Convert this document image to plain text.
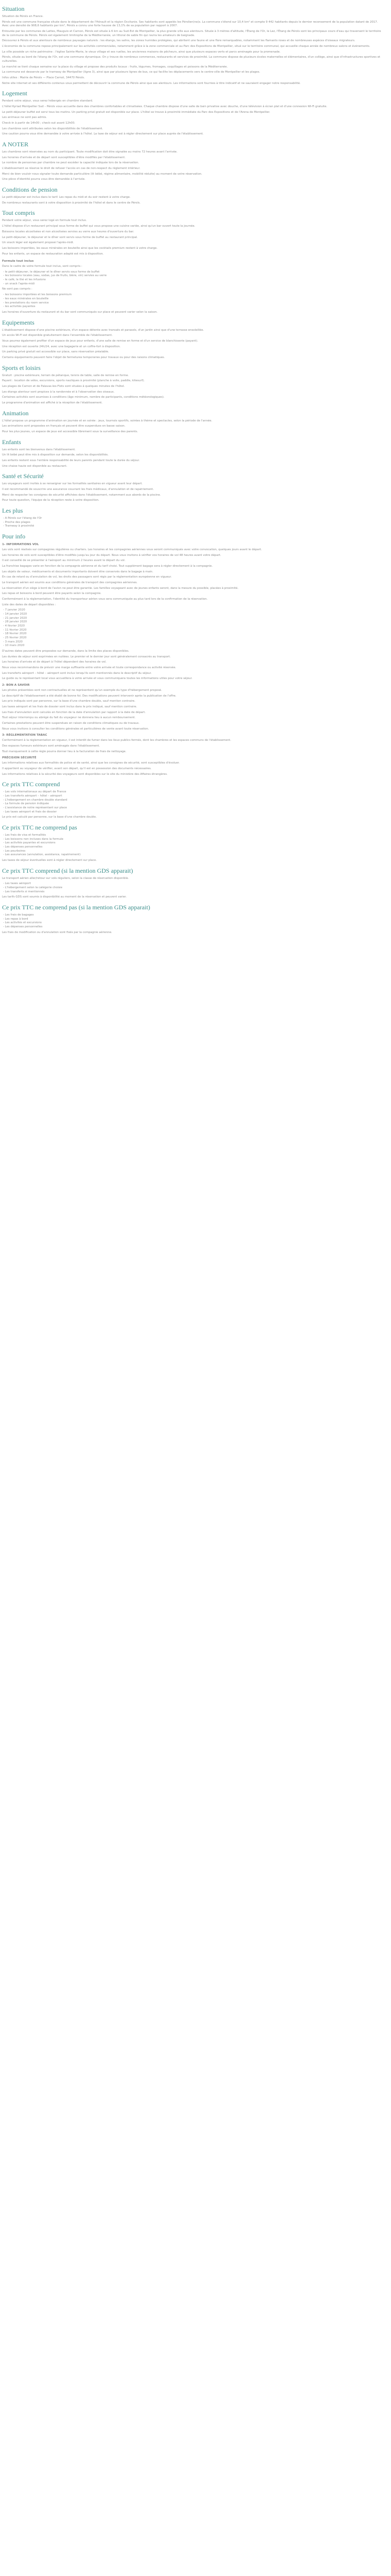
Situation

Situation de Pérols en France.

Pérols est une commune française située dans le département de l'Hérault et la région Occitanie. Ses habitants sont appelés les Pérolien(ne)s. La commune s'étend sur 10,4 km² et compte 9 442 habitants depuis le dernier recensement de la population datant de 2017. Avec une densité de 908,6 habitants par km², Pérols a connu une forte hausse de 13,1% de sa population par rapport à 2007.

Entourée par les communes de Lattes, Mauguio et Carnon, Pérols est située à 6 km au Sud-Est de Montpellier, la plus grande ville aux alentours. Située à 3 mètres d'altitude, l'Étang de l'Or, le Lez, l'Étang de Pérols sont les principaux cours d'eau qui traversent le territoire de la commune de Pérols. Pérols est également limitrophe de la Méditerranée, un littoral de sable fin qui ravira les amateurs de baignade.

Découvrez à Pérols et aux alentours de nombreux paysages naturels : les étangs, les salins, les zones humides protégées, qui abritent une faune et une flore remarquables, notamment les flamants roses et de nombreuses espèces d'oiseaux migrateurs.

L'économie de la commune repose principalement sur les activités commerciales, notamment grâce à la zone commerciale et au Parc des Expositions de Montpellier, situé sur le territoire communal, qui accueille chaque année de nombreux salons et événements.

La ville possède un riche patrimoine : l'église Sainte-Marie, le vieux village et ses ruelles, les anciennes maisons de pêcheurs, ainsi que plusieurs espaces verts et parcs aménagés pour la promenade.

Pérols, située au bord de l'étang de l'Or, est une commune dynamique. On y trouve de nombreux commerces, restaurants et services de proximité. La commune dispose de plusieurs écoles maternelles et élémentaires, d'un collège, ainsi que d'infrastructures sportives et culturelles.

Le marché se tient chaque semaine sur la place du village et propose des produits locaux : fruits, légumes, fromages, coquillages et poissons de la Méditerranée.

La commune est desservie par le tramway de Montpellier (ligne 3), ainsi que par plusieurs lignes de bus, ce qui facilite les déplacements vers le centre-ville de Montpellier et les plages.

Infos utiles : Mairie de Pérols — Place Carnot, 34470 Pérols.

Notre site internet et ses différents contenus vous permettent de découvrir la commune de Pérols ainsi que ses alentours. Les informations sont fournies à titre indicatif et ne sauraient engager notre responsabilité.

Logement

Pendant votre séjour, vous serez hébergés en chambre standard.

L'hôtel Kyriad Montpellier Sud – Pérols vous accueille dans des chambres confortables et climatisées. Chaque chambre dispose d'une salle de bain privative avec douche, d'une télévision à écran plat et d'une connexion Wi-Fi gratuite.

Le petit-déjeuner buffet est servi tous les matins. Un parking privé gratuit est disponible sur place. L'hôtel se trouve à proximité immédiate du Parc des Expositions et de l'Arena de Montpellier.

Les animaux ne sont pas admis.

Check-in à partir de 14h00 ; check-out avant 12h00.

Les chambres sont attribuées selon les disponibilités de l'établissement.

Une caution pourra vous être demandée à votre arrivée à l'hôtel. La taxe de séjour est à régler directement sur place auprès de l'établissement.

A NOTER

Les chambres sont réservées au nom du participant. Toute modification doit être signalée au moins 72 heures avant l'arrivée.

Les horaires d'arrivée et de départ sont susceptibles d'être modifiés par l'établissement.

Le nombre de personnes par chambre ne peut excéder la capacité indiquée lors de la réservation.

L'établissement se réserve le droit de refuser l'accès en cas de non-respect du règlement intérieur.

Merci de bien vouloir nous signaler toute demande particulière (lit bébé, régime alimentaire, mobilité réduite) au moment de votre réservation.

Une pièce d'identité pourra vous être demandée à l'arrivée.

Conditions de pension

Le petit-déjeuner est inclus dans le tarif. Les repas du midi et du soir restent à votre charge.

De nombreux restaurants sont à votre disposition à proximité de l'hôtel et dans le centre de Pérols.

Tout compris

Pendant votre séjour, vous serez logé en formule tout inclus.

L'hôtel dispose d'un restaurant principal sous forme de buffet qui vous propose une cuisine variée, ainsi qu'un bar ouvert toute la journée.

Boissons locales alcoolisées et non alcoolisées servies au verre aux heures d'ouverture du bar.

Le petit-déjeuner, le déjeuner et le dîner sont servis sous forme de buffet au restaurant principal.

Un snack léger est également proposé l'après-midi.

Les boissons importées, les eaux minérales en bouteille ainsi que les cocktails premium restent à votre charge.

Pour les enfants, un espace de restauration adapté est mis à disposition.

Formule tout inclus

Dans le cadre de votre formule tout inclus, sont compris :

- le petit-déjeuner, le déjeuner et le dîner servis sous forme de buffet
- les boissons locales (eau, sodas, jus de fruits, bière, vin) servies au verre
- le café, le thé et les infusions
- un snack l'après-midi

Ne sont pas compris :

- les boissons importées et les boissons premium
- les eaux minérales en bouteille
- les prestations du room service
- les activités payantes

Les horaires d'ouverture du restaurant et du bar sont communiqués sur place et peuvent varier selon la saison.

Equipements

L'établissement dispose d'une piscine extérieure, d'un espace détente avec transats et parasols, d'un jardin ainsi que d'une terrasse ensoleillée.

Un accès Wi-Fi est disponible gratuitement dans l'ensemble de l'établissement.

Vous pourrez également profiter d'un espace de jeux pour enfants, d'une salle de remise en forme et d'un service de blanchisserie (payant).

Une réception est ouverte 24h/24, avec une bagagerie et un coffre-fort à disposition.

Un parking privé gratuit est accessible sur place, sans réservation préalable.

Certains équipements peuvent faire l'objet de fermetures temporaires pour travaux ou pour des raisons climatiques.

Sports et loisirs

Gratuit : piscine extérieure, terrain de pétanque, tennis de table, salle de remise en forme.

Payant : location de vélos, excursions, sports nautiques à proximité (planche à voile, paddle, kitesurf).

Les plages de Carnon et de Palavas-les-Flots sont situées à quelques minutes de l'hôtel.

Les étangs alentour sont propices à la randonnée et à l'observation des oiseaux.

Certaines activités sont soumises à conditions (âge minimum, nombre de participants, conditions météorologiques).

Le programme d'animation est affiché à la réception de l'établissement.

Animation

L'hôtel propose un programme d'animation en journée et en soirée : jeux, tournois sportifs, soirées à thème et spectacles, selon la période de l'année.

Les animations sont proposées en français et peuvent être suspendues en basse saison.

Pour les plus jeunes, un espace de jeux est accessible librement sous la surveillance des parents.

Enfants

Les enfants sont les bienvenus dans l'établissement.

Un lit bébé peut être mis à disposition sur demande, selon les disponibilités.

Les enfants restent sous l'entière responsabilité de leurs parents pendant toute la durée du séjour.

Une chaise haute est disponible au restaurant.

Santé et Sécurité

Les voyageurs sont invités à se renseigner sur les formalités sanitaires en vigueur avant leur départ.

Il est recommandé de souscrire une assurance couvrant les frais médicaux, d'annulation et de rapatriement.

Merci de respecter les consignes de sécurité affichées dans l'établissement, notamment aux abords de la piscine.

Pour toute question, l'équipe de la réception reste à votre disposition.

Les plus
- A Pérols sur l'étang de l'Or
- Proche des plages
- Tramway à proximité
Pour info
1- INFORMATIONS VOL

Les vols sont réalisés sur compagnies régulières ou charters. Les horaires et les compagnies aériennes vous seront communiqués avec votre convocation, quelques jours avant le départ.

Les horaires de vols sont susceptibles d'être modifiés jusqu'au jour du départ. Nous vous invitons à vérifier vos horaires de vol 48 heures avant votre départ.

Il est conseillé de se présenter à l'aéroport au minimum 2 heures avant le départ du vol.

La franchise bagages varie en fonction de la compagnie aérienne et du tarif choisi. Tout supplément bagage sera à régler directement à la compagnie.

Les objets de valeur, médicaments et documents importants doivent être conservés dans le bagage à main.

En cas de retard ou d'annulation de vol, les droits des passagers sont régis par la réglementation européenne en vigueur.

Le transport aérien est soumis aux conditions générales de transport des compagnies aériennes.

La réservation d'un siège à bord de l'avion ne peut être garantie. Les familles voyageant avec de jeunes enfants seront, dans la mesure du possible, placées à proximité.

Les repas et boissons à bord peuvent être payants selon la compagnie.

Conformément à la réglementation, l'identité du transporteur aérien vous sera communiquée au plus tard lors de la confirmation de la réservation.

Liste des dates de départ disponibles :

- 7 janvier 2020
- 14 janvier 2020
- 21 janvier 2020
- 28 janvier 2020
- 4 février 2020
- 11 février 2020
- 18 février 2020
- 25 février 2020
- 3 mars 2020
- 10 mars 2020

D'autres dates peuvent être proposées sur demande, dans la limite des places disponibles.

Les durées de séjour sont exprimées en nuitées. Le premier et le dernier jour sont généralement consacrés au transport.

Les horaires d'arrivée et de départ à l'hôtel dépendent des horaires de vol.

Nous vous recommandons de prévoir une marge suffisante entre votre arrivée et toute correspondance ou activité réservée.

Les transferts aéroport – hôtel – aéroport sont inclus lorsqu'ils sont mentionnés dans le descriptif du séjour.

Le guide ou le représentant local vous accueillera à votre arrivée et vous communiquera toutes les informations utiles pour votre séjour.

2- BON A SAVOIR

Les photos présentées sont non contractuelles et ne représentent qu'un exemple du type d'hébergement proposé.

Le descriptif de l'établissement a été établi de bonne foi. Des modifications peuvent intervenir après la publication de l'offre.

Les prix indiqués sont par personne, sur la base d'une chambre double, sauf mention contraire.

Les taxes aéroport et les frais de dossier sont inclus dans le prix indiqué, sauf mention contraire.

Les frais d'annulation sont calculés en fonction de la date d'annulation par rapport à la date de départ.

Tout séjour interrompu ou abrégé du fait du voyageur ne donnera lieu à aucun remboursement.

Certaines prestations peuvent être suspendues en raison de conditions climatiques ou de travaux.

Nous vous invitons à consulter les conditions générales et particulières de vente avant toute réservation.

3- RÉGLEMENTATION TABAC

Conformément à la réglementation en vigueur, il est interdit de fumer dans les lieux publics fermés, dont les chambres et les espaces communs de l'établissement.

Des espaces fumeurs extérieurs sont aménagés dans l'établissement.

Tout manquement à cette règle pourra donner lieu à la facturation de frais de nettoyage.

PRÉCISION SÉCURITÉ

Les informations relatives aux formalités de police et de santé, ainsi que les consignes de sécurité, sont susceptibles d'évoluer.

Il appartient au voyageur de vérifier, avant son départ, qu'il est en possession des documents nécessaires.

Les informations relatives à la sécurité des voyageurs sont disponibles sur le site du ministère des Affaires étrangères.

Ce prix TTC comprend
- Les vols internationaux au départ de France
- Les transferts aéroport – hôtel – aéroport
- L'hébergement en chambre double standard
- La formule de pension indiquée
- L'assistance de notre représentant sur place
- Les taxes aéroport et frais de dossier

Le prix est calculé par personne, sur la base d'une chambre double.

Ce prix TTC ne comprend pas
- Les frais de visa et formalités
- Les boissons non incluses dans la formule
- Les activités payantes et excursions
- Les dépenses personnelles
- Les pourboires
- Les assurances (annulation, assistance, rapatriement)

Les taxes de séjour éventuelles sont à régler directement sur place.

Ce prix TTC comprend (si la mention GDS apparait)

Le transport aérien aller/retour sur vols réguliers, selon la classe de réservation disponible.

- Les taxes aéroport
- L'hébergement selon la catégorie choisie
- Les transferts si mentionnés

Les tarifs GDS sont soumis à disponibilité au moment de la réservation et peuvent varier.

Ce prix TTC ne comprend pas (si la mention GDS apparait)
- Les frais de bagages
- Les repas à bord
- Les activités et excursions
- Les dépenses personnelles

Les frais de modification ou d'annulation sont fixés par la compagnie aérienne.
